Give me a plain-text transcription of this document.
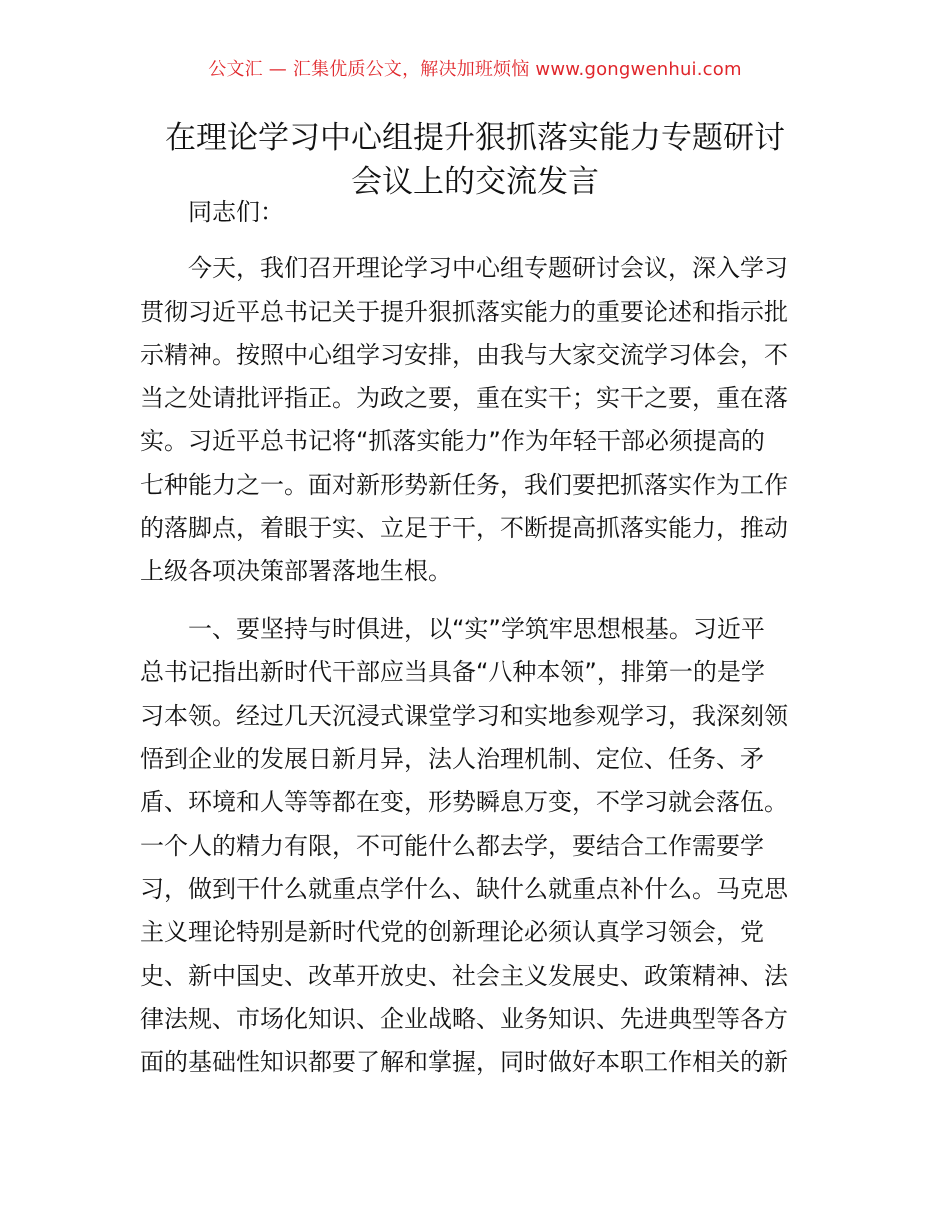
公文汇 — 汇集优质公文，解决加班烦恼 www.gongwenhui.com
在理论学习中心组提升狠抓落实能力专题研讨
会议上的交流发言
同志们：
今天，我们召开理论学习中心组专题研讨会议，深入学习
贯彻习近平总书记关于提升狠抓落实能力的重要论述和指示批
示精神。按照中心组学习安排，由我与大家交流学习体会，不
当之处请批评指正。为政之要，重在实干；实干之要，重在落
实。习近平总书记将“抓落实能力”作为年轻干部必须提高的
七种能力之一。面对新形势新任务，我们要把抓落实作为工作
的落脚点，着眼于实、立足于干，不断提高抓落实能力，推动
上级各项决策部署落地生根。
一、要坚持与时俱进，以“实”学筑牢思想根基。习近平
总书记指出新时代干部应当具备“八种本领”，排第一的是学
习本领。经过几天沉浸式课堂学习和实地参观学习，我深刻领
悟到企业的发展日新月异，法人治理机制、定位、任务、矛
盾、环境和人等等都在变，形势瞬息万变，不学习就会落伍。
一个人的精力有限，不可能什么都去学，要结合工作需要学
习，做到干什么就重点学什么、缺什么就重点补什么。马克思
主义理论特别是新时代党的创新理论必须认真学习领会，党
史、新中国史、改革开放史、社会主义发展史、政策精神、法
律法规、市场化知识、企业战略、业务知识、先进典型等各方
面的基础性知识都要了解和掌握，同时做好本职工作相关的新
